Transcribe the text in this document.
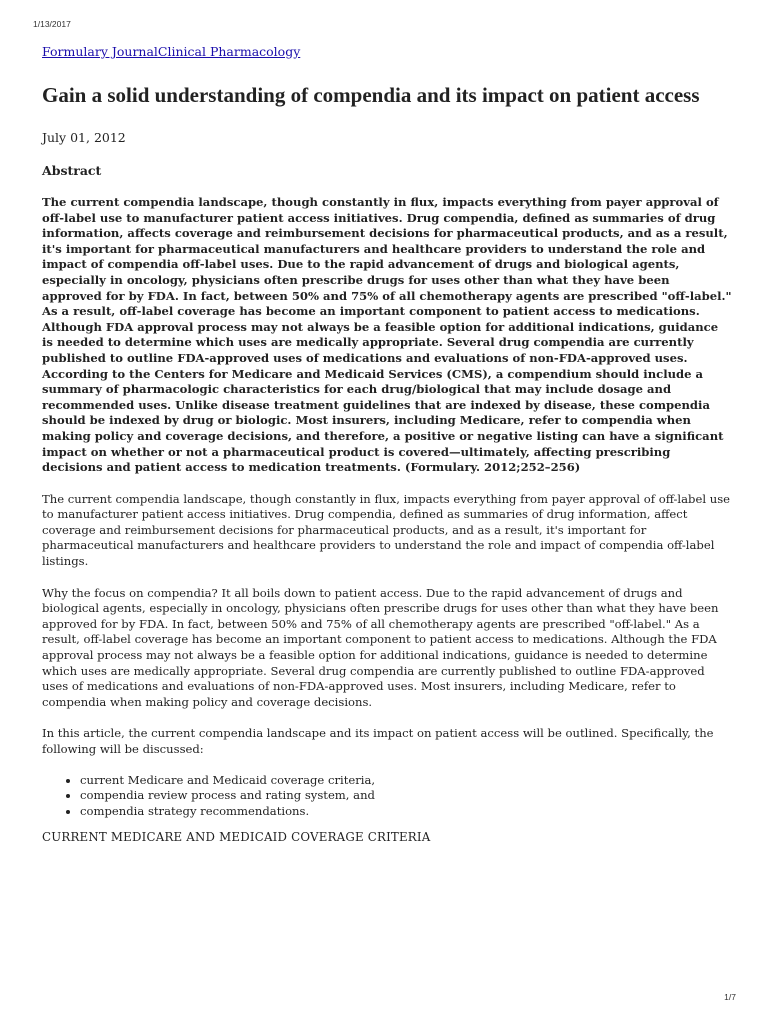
1/13/2017
Formulary JournalClinical Pharmacology
Gain a solid understanding of compendia and its impact on patient access
July 01, 2012
Abstract
The current compendia landscape, though constantly in flux, impacts everything from payer approval of off-label use to manufacturer patient access initiatives. Drug compendia, defined as summaries of drug information, affects coverage and reimbursement decisions for pharmaceutical products, and as a result, it's important for pharmaceutical manufacturers and healthcare providers to understand the role and impact of compendia off-label uses. Due to the rapid advancement of drugs and biological agents, especially in oncology, physicians often prescribe drugs for uses other than what they have been approved for by FDA. In fact, between 50% and 75% of all chemotherapy agents are prescribed "off-label." As a result, off-label coverage has become an important component to patient access to medications. Although FDA approval process may not always be a feasible option for additional indications, guidance is needed to determine which uses are medically appropriate. Several drug compendia are currently published to outline FDA-approved uses of medications and evaluations of non-FDA-approved uses. According to the Centers for Medicare and Medicaid Services (CMS), a compendium should include a summary of pharmacologic characteristics for each drug/biological that may include dosage and recommended uses. Unlike disease treatment guidelines that are indexed by disease, these compendia should be indexed by drug or biologic. Most insurers, including Medicare, refer to compendia when making policy and coverage decisions, and therefore, a positive or negative listing can have a significant impact on whether or not a pharmaceutical product is covered—ultimately, affecting prescribing decisions and patient access to medication treatments. (Formulary. 2012;252–256)
The current compendia landscape, though constantly in flux, impacts everything from payer approval of off-label use to manufacturer patient access initiatives. Drug compendia, defined as summaries of drug information, affect coverage and reimbursement decisions for pharmaceutical products, and as a result, it's important for pharmaceutical manufacturers and healthcare providers to understand the role and impact of compendia off-label listings.
Why the focus on compendia? It all boils down to patient access. Due to the rapid advancement of drugs and biological agents, especially in oncology, physicians often prescribe drugs for uses other than what they have been approved for by FDA. In fact, between 50% and 75% of all chemotherapy agents are prescribed "off-label." As a result, off-label coverage has become an important component to patient access to medications. Although the FDA approval process may not always be a feasible option for additional indications, guidance is needed to determine which uses are medically appropriate. Several drug compendia are currently published to outline FDA-approved uses of medications and evaluations of non-FDA-approved uses. Most insurers, including Medicare, refer to compendia when making policy and coverage decisions.
In this article, the current compendia landscape and its impact on patient access will be outlined. Specifically, the following will be discussed:
• current Medicare and Medicaid coverage criteria,
• compendia review process and rating system, and
• compendia strategy recommendations.
CURRENT MEDICARE AND MEDICAID COVERAGE CRITERIA
1/7
